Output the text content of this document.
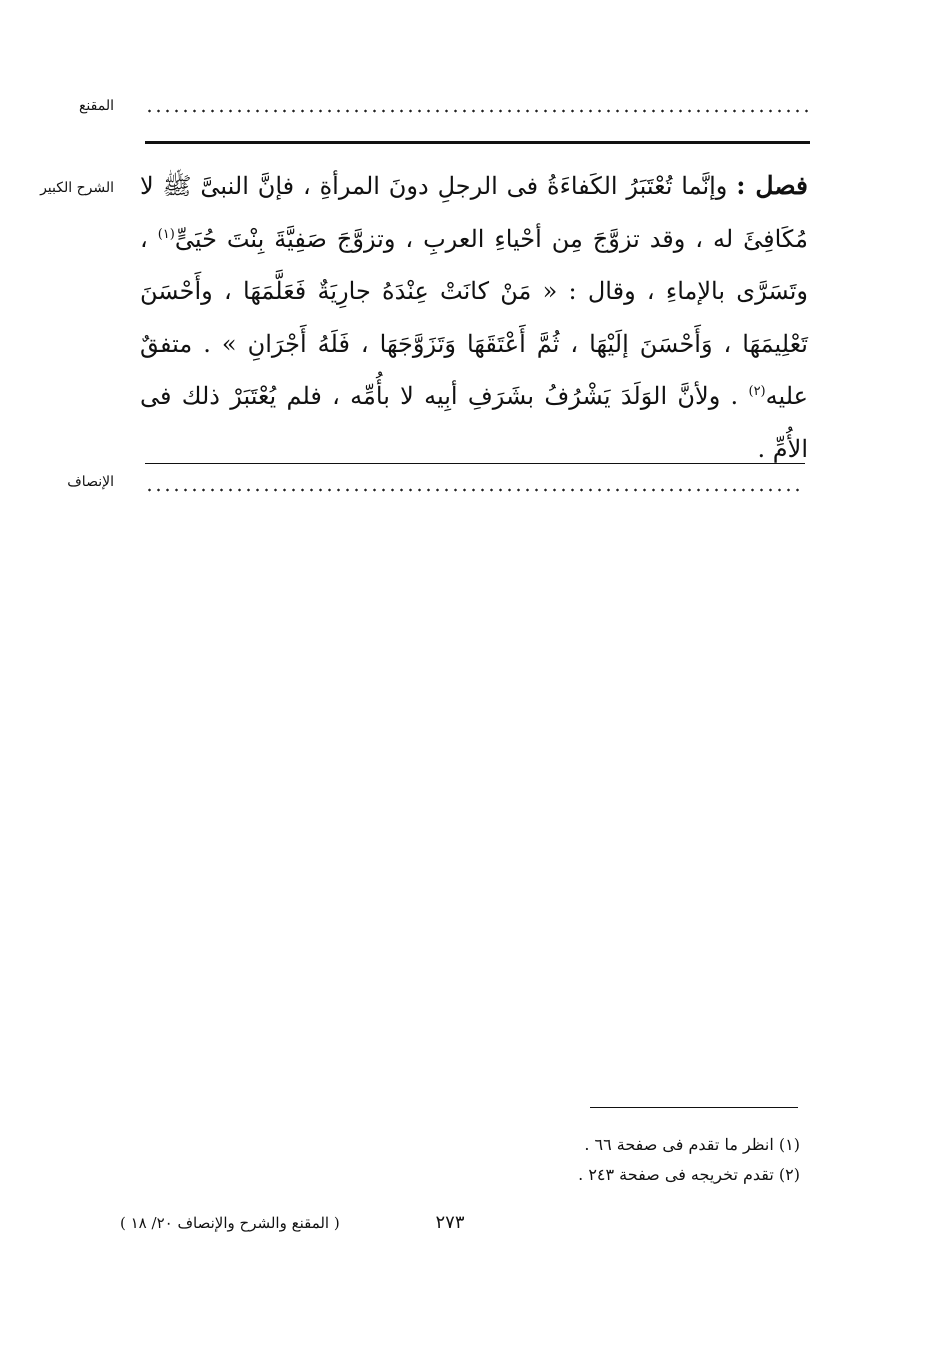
المقنع
الشرح الكبير	فصل : وإنَّما تُعْتَبَرُ الكَفاءَةُ فى الرجلِ دونَ المرأةِ ، فإنَّ النبىَّ ﷺ لا مُكَافِئَ له ، وقد تزوَّجَ مِن أحْياءِ العربِ ، وتزوَّجَ صَفِيَّةَ بِنْتَ حُيَىٍّ$^{(١)}$ ، وتَسَرَّى بالإماءِ ، وقال : « مَنْ كانَتْ عِنْدَهُ جارِيَةٌ فَعَلَّمَهَا ، وأَحْسَنَ تَعْلِيمَهَا ، وَأَحْسَنَ إلَيْهَا ، ثُمَّ أَعْتَقَهَا وَتَزَوَّجَهَا ، فَلَهُ أَجْرَانِ » . متفقٌ عليه$^{(٢)}$ . ولأنَّ الوَلَدَ يَشْرُفُ بشَرَفِ أبِيه لا بأُمِّه ، فلم يُعْتَبَرْ ذلك فى الأُمِّ .

الإنصاف

(١) انظر ما تقدم فى صفحة ٦٦ .

(٢) تقدم تخريجه فى صفحة ٢٤٣ .

٢٧٣
( المقنع والشرح والإنصاف ٢٠/ ١٨ )
